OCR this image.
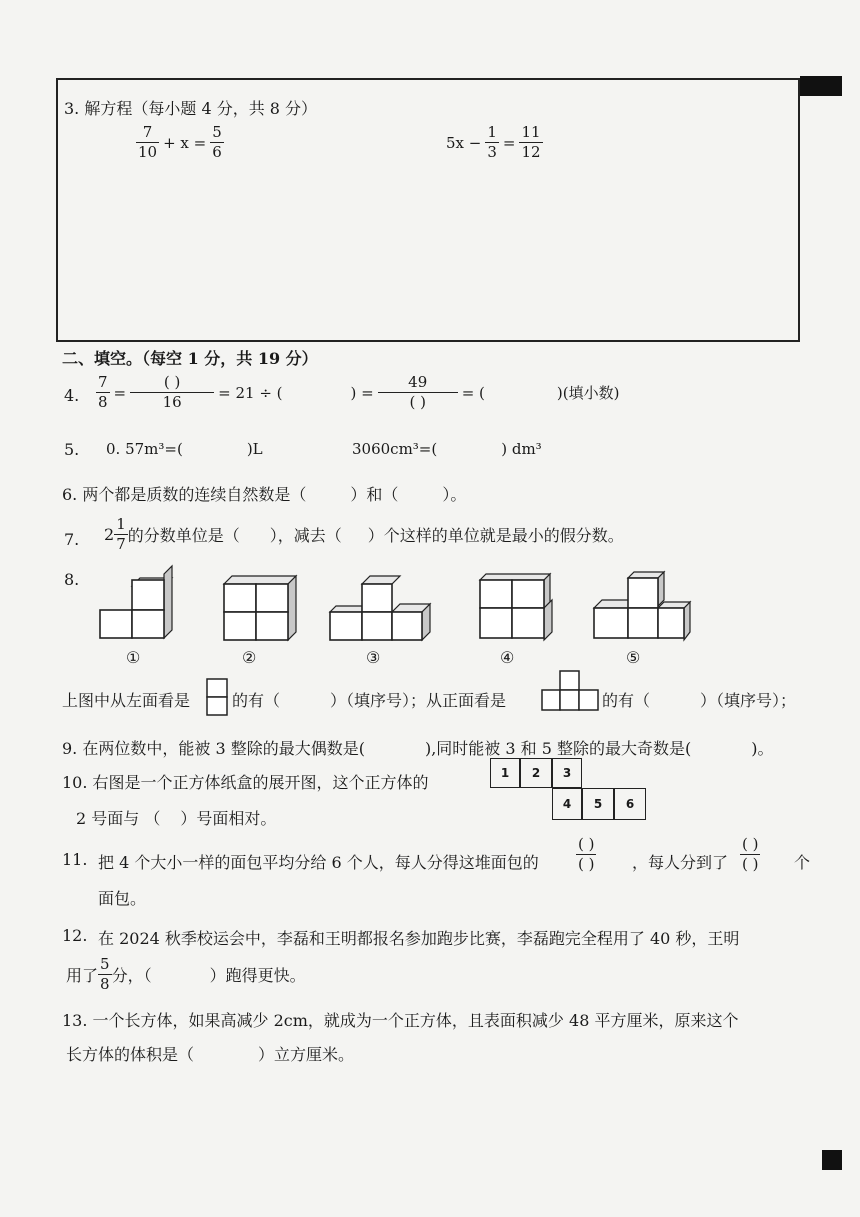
3. 解方程（每小题 4 分，共 8 分）
$\frac{7}{10} + x = \frac{5}{6}$	$5x - \frac{1}{3} = \frac{11}{12}$
二、填空。（每空 1 分，共 19 分）
4. $\frac{7}{8} = \frac{( )}{16} = 21$ ÷ (	) = $\frac{49}{( )}$ = (	)(填小数)
5. 0. 57m³=(	)L	3060cm³=(	) dm³
6. 两个都是质数的连续自然数是（	）和（	）。
7. $2 \frac{1}{7}$ 的分数单位是（ ），减去（ ）个这样的单位就是最小的假分数。
8.
①	②	③	④	⑤
上图中从左面看是	的有（	）（填序号）；从正面看是	的有（	）（填序号）；
9. 在两位数中，能被 3 整除的最大偶数是(	),同时能被 3 和 5 整除的最大奇数是(	)。
10. 右图是一个正方体纸盒的展开图，这个正方体的
2 号面与 （ ）号面相对。
1	2	3
4	5	6
11. 把 4 个大小一样的面包平均分给 6 个人，每人分得这堆面包的 $\frac{( )}{( )}$ ，每人分到了 $\frac{( )}{( )}$ 个
面包。
12. 在 2024 秋季校运会中，李磊和王明都报名参加跑步比赛，李磊跑完全程用了 40 秒，王明
用了 $\frac{5}{8}$ 分，（	）跑得更快。
13. 一个长方体，如果高减少 2cm，就成为一个正方体，且表面积减少 48 平方厘米，原来这个
长方体的体积是（	）立方厘米。
